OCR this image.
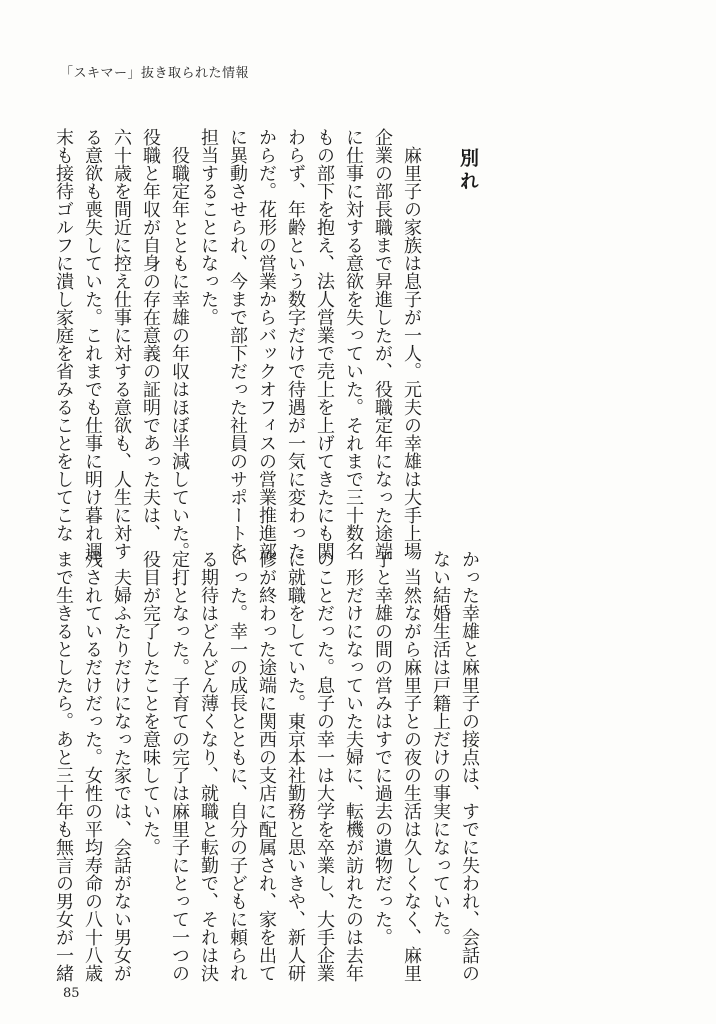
「スキマー」抜き取られた情報
別れ

　麻里子の家族は息子が一人。元夫の幸雄は大手上場

企業の部長職まで昇進したが、役職定年になった途端

に仕事に対する意欲を失っていた。それまで三十数名

もの部下を抱え、法人営業で売上を上げてきたにも関

わらず、年齢という数字だけで待遇が一気に変わった

からだ。花形の営業からバックオフィスの営業推進部

に異動させられ、今まで部下だった社員のサポートを

担当することになった。

　役職定年とともに幸雄の年収はほぼ半減していた。

役職と年収が自身の存在意義の証明であった夫は、

六十歳を間近に控え仕事に対する意欲も、人生に対す

る意欲も喪失していた。これまでも仕事に明け暮れ週

末も接待ゴルフに潰し家庭を省みることをしてこな

かった幸雄と麻里子の接点は、すでに失われ、会話の

ない結婚生活は戸籍上だけの事実になっていた。

　当然ながら麻里子との夜の生活は久しくなく、麻里

子と幸雄の間の営みはすでに過去の遺物だった。

　形だけになっていた夫婦に、転機が訪れたのは去年

のことだった。息子の幸一は大学を卒業し、大手企業

に就職をしていた。東京本社勤務と思いきや、新人研

修が終わった途端に関西の支店に配属され、家を出て

いった。幸一の成長とともに、自分の子どもに頼られ

る期待はどんどん薄くなり、就職と転勤で、それは決

定打となった。子育ての完了は麻里子にとって一つの

役目が完了したことを意味していた。

　夫婦ふたりだけになった家では、会話がない男女が

残されているだけだった。女性の平均寿命の八十八歳

まで生きるとしたら。あと三十年も無言の男女が一緒

85
